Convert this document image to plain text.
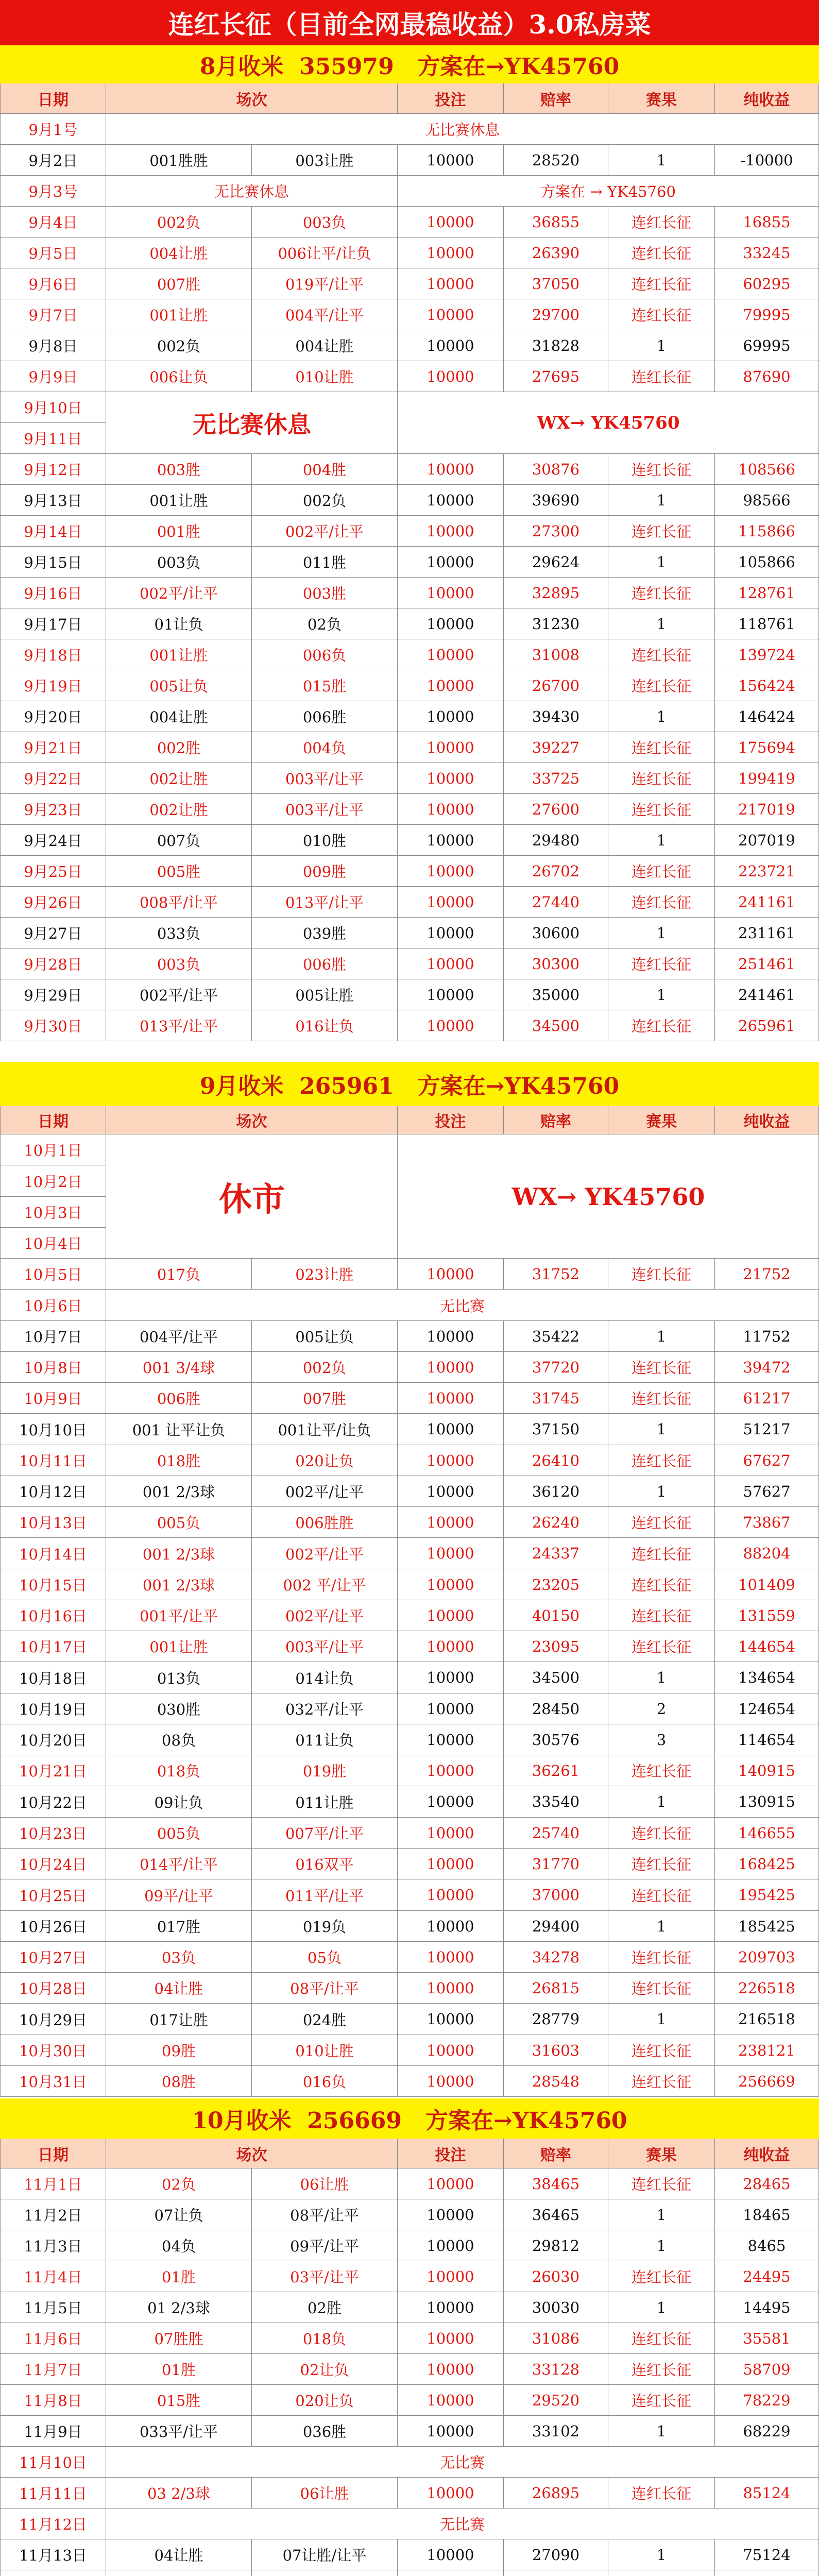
连红长征（目前全网最稳收益）3.0私房菜
8月收米  355979   方案在→YK45760
日期	场次	投注	赔率	赛果	纯收益
9月1号	无比赛休息
9月2日	001胜胜	003让胜	10000	28520	1	-10000
9月3号	无比赛休息	方案在 → YK45760
9月4日	002负	003负	10000	36855	连红长征	16855
9月5日	004让胜	006让平/让负	10000	26390	连红长征	33245
9月6日	007胜	019平/让平	10000	37050	连红长征	60295
9月7日	001让胜	004平/让平	10000	29700	连红长征	79995
9月8日	002负	004让胜	10000	31828	1	69995
9月9日	006让负	010让胜	10000	27695	连红长征	87690
9月10日
9月11日
无比赛休息	WX→ YK45760
9月12日	003胜	004胜	10000	30876	连红长征	108566
9月13日	001让胜	002负	10000	39690	1	98566
9月14日	001胜	002平/让平	10000	27300	连红长征	115866
9月15日	003负	011胜	10000	29624	1	105866
9月16日	002平/让平	003胜	10000	32895	连红长征	128761
9月17日	01让负	02负	10000	31230	1	118761
9月18日	001让胜	006负	10000	31008	连红长征	139724
9月19日	005让负	015胜	10000	26700	连红长征	156424
9月20日	004让胜	006胜	10000	39430	1	146424
9月21日	002胜	004负	10000	39227	连红长征	175694
9月22日	002让胜	003平/让平	10000	33725	连红长征	199419
9月23日	002让胜	003平/让平	10000	27600	连红长征	217019
9月24日	007负	010胜	10000	29480	1	207019
9月25日	005胜	009胜	10000	26702	连红长征	223721
9月26日	008平/让平	013平/让平	10000	27440	连红长征	241161
9月27日	033负	039胜	10000	30600	1	231161
9月28日	003负	006胜	10000	30300	连红长征	251461
9月29日	002平/让平	005让胜	10000	35000	1	241461
9月30日	013平/让平	016让负	10000	34500	连红长征	265961
9月收米  265961   方案在→YK45760
日期	场次	投注	赔率	赛果	纯收益
10月1日
10月2日
10月3日
10月4日
休市	WX→ YK45760
10月5日	017负	023让胜	10000	31752	连红长征	21752
10月6日	无比赛
10月7日	004平/让平	005让负	10000	35422	1	11752
10月8日	001 3/4球	002负	10000	37720	连红长征	39472
10月9日	006胜	007胜	10000	31745	连红长征	61217
10月10日	001 让平让负	001让平/让负	10000	37150	1	51217
10月11日	018胜	020让负	10000	26410	连红长征	67627
10月12日	001 2/3球	002平/让平	10000	36120	1	57627
10月13日	005负	006胜胜	10000	26240	连红长征	73867
10月14日	001 2/3球	002平/让平	10000	24337	连红长征	88204
10月15日	001 2/3球	002 平/让平	10000	23205	连红长征	101409
10月16日	001平/让平	002平/让平	10000	40150	连红长征	131559
10月17日	001让胜	003平/让平	10000	23095	连红长征	144654
10月18日	013负	014让负	10000	34500	1	134654
10月19日	030胜	032平/让平	10000	28450	2	124654
10月20日	08负	011让负	10000	30576	3	114654
10月21日	018负	019胜	10000	36261	连红长征	140915
10月22日	09让负	011让胜	10000	33540	1	130915
10月23日	005负	007平/让平	10000	25740	连红长征	146655
10月24日	014平/让平	016双平	10000	31770	连红长征	168425
10月25日	09平/让平	011平/让平	10000	37000	连红长征	195425
10月26日	017胜	019负	10000	29400	1	185425
10月27日	03负	05负	10000	34278	连红长征	209703
10月28日	04让胜	08平/让平	10000	26815	连红长征	226518
10月29日	017让胜	024胜	10000	28779	1	216518
10月30日	09胜	010让胜	10000	31603	连红长征	238121
10月31日	08胜	016负	10000	28548	连红长征	256669
10月收米  256669   方案在→YK45760
日期	场次	投注	赔率	赛果	纯收益
11月1日	02负	06让胜	10000	38465	连红长征	28465
11月2日	07让负	08平/让平	10000	36465	1	18465
11月3日	04负	09平/让平	10000	29812	1	8465
11月4日	01胜	03平/让平	10000	26030	连红长征	24495
11月5日	01 2/3球	02胜	10000	30030	1	14495
11月6日	07胜胜	018负	10000	31086	连红长征	35581
11月7日	01胜	02让负	10000	33128	连红长征	58709
11月8日	015胜	020让负	10000	29520	连红长征	78229
11月9日	033平/让平	036胜	10000	33102	1	68229
11月10日	无比赛
11月11日	03 2/3球	06让胜	10000	26895	连红长征	85124
11月12日	无比赛
11月13日	04让胜	07让胜/让平	10000	27090	1	75124
